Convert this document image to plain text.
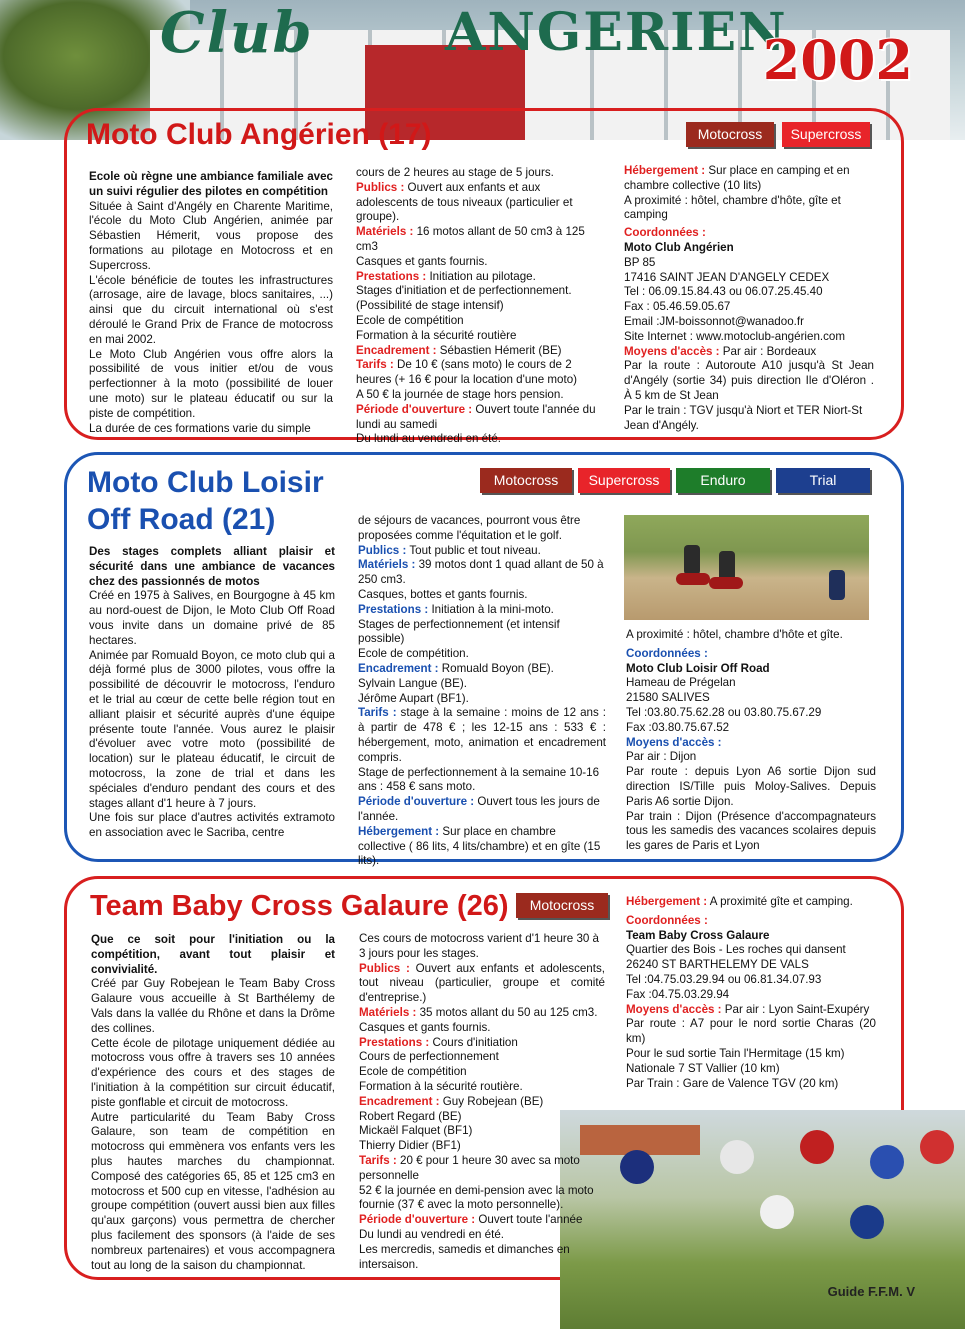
Club	ANGERIEN
2002
Moto Club Angérien (17)	Motocross	Supercross

Ecole où règne une ambiance familiale avec un suivi régulier des pilotes en compétition

Située à Saint d'Angély en Charente Maritime, l'école du Moto Club Angérien, animée par Sébastien Hémerit, vous propose des formations au pilotage en Motocross et en Supercross.

L'école bénéficie de toutes les infrastructures (arrosage, aire de lavage, blocs sanitaires, ...) ainsi que du circuit international où s'est déroulé le Grand Prix de France de motocross en mai 2002.

Le Moto Club Angérien vous offre alors la possibilité de vous initier et/ou de vous perfectionner à la moto (possibilité de louer une moto) sur le plateau éducatif ou sur la piste de compétition.

La durée de ces formations varie du simple

cours de 2 heures au stage de 5 jours.

Publics : Ouvert aux enfants et aux adolescents de tous niveaux (particulier et groupe).

Matériels : 16 motos allant de 50 cm3 à 125 cm3

Casques et gants fournis.

Prestations : Initiation au pilotage.

Stages d'initiation et de perfectionnement. (Possibilité de stage intensif)

Ecole de compétition

Formation à la sécurité routière

Encadrement : Sébastien Hémerit (BE)

Tarifs : De 10 € (sans moto) le cours de 2 heures (+ 16 € pour la location d'une moto)

A 50 € la journée de stage hors pension.

Période d'ouverture : Ouvert toute l'année du lundi au samedi

Du lundi au vendredi en été.

Hébergement : Sur place en camping et en chambre collective (10 lits)

A proximité : hôtel, chambre d'hôte, gîte et camping

Coordonnées :

Moto Club Angérien

BP 85

17416 SAINT JEAN D'ANGELY CEDEX

Tel : 06.09.15.84.43 ou 06.07.25.45.40

Fax : 05.46.59.05.67

Email :JM-boissonnot@wanadoo.fr

Site Internet : www.motoclub-angérien.com

Moyens d'accès : Par air : Bordeaux

Par la route : Autoroute A10 jusqu'à St Jean d'Angély (sortie 34) puis direction Ile d'Oléron . À 5 km de St Jean

Par le train : TGV jusqu'à Niort et TER Niort-St Jean d'Angély.

Moto Club Loisir
Off Road (21)
Motocross	Supercross	Enduro	Trial

Des stages complets alliant plaisir et sécurité dans une ambiance de vacances chez des passionnés de motos

Créé en 1975 à Salives, en Bourgogne à 45 km au nord-ouest de Dijon, le Moto Club Off Road vous invite dans un domaine privé de 85 hectares.

Animée par Romuald Boyon, ce moto club qui a déjà formé plus de 3000 pilotes, vous offre la possibilité de découvrir le motocross, l'enduro et le trial au cœur de cette belle région tout en alliant plaisir et sécurité auprès d'une équipe présente toute l'année. Vous aurez le plaisir d'évoluer avec votre moto (possibilité de location) sur le plateau éducatif, le circuit de motocross, la zone de trial et dans les spéciales d'enduro pendant des cours et des stages allant d'1 heure à 7 jours.

Une fois sur place d'autres activités extramoto en association avec le Sacriba, centre

de séjours de vacances, pourront vous être proposées comme l'équitation et le golf.

Publics : Tout public et tout niveau.

Matériels : 39 motos dont 1 quad allant de 50 à 250 cm3.

Casques, bottes et gants fournis.

Prestations : Initiation à la mini-moto.

Stages de perfectionnement (et intensif possible)

Ecole de compétition.

Encadrement : Romuald Boyon (BE).

Sylvain Langue (BE).

Jérôme Aupart (BF1).

Tarifs : stage à la semaine : moins de 12 ans : à partir de 478 € ; les 12-15 ans : 533 € : hébergement, moto, animation et encadrement compris.

Stage de perfectionnement à la semaine 10-16 ans : 458 € sans moto.

Période d'ouverture : Ouvert tous les jours de l'année.

Hébergement : Sur place en chambre collective ( 86 lits, 4 lits/chambre) et en gîte (15 lits).

A proximité : hôtel, chambre d'hôte et gîte.

Coordonnées :

Moto Club Loisir Off Road

Hameau de Prégelan

21580 SALIVES

Tel :03.80.75.62.28 ou 03.80.75.67.29

Fax :03.80.75.67.52

Moyens d'accès :

Par air : Dijon

Par route : depuis Lyon A6 sortie Dijon sud direction IS/Tille puis Moloy-Salives. Depuis Paris A6 sortie Dijon.

Par train : Dijon (Présence d'accompagnateurs tous les samedis des vacances scolaires depuis les gares de Paris et Lyon

Team Baby Cross Galaure (26)	Motocross

Que ce soit pour l'initiation ou la compétition, avant tout plaisir et convivialité.

Créé par Guy Robejean le Team Baby Cross Galaure vous accueille à St Barthélemy de Vals dans la vallée du Rhône et dans la Drôme des collines.

Cette école de pilotage uniquement dédiée au motocross vous offre à travers ses 10 années d'expérience des cours et des stages de l'initiation à la compétition sur circuit éducatif, piste gonflable et circuit de motocross.

Autre particularité du Team Baby Cross Galaure, son team de compétition en motocross qui emmènera vos enfants vers les plus hautes marches du championnat. Composé des catégories 65, 85 et 125 cm3 en motocross et 500 cup en vitesse, l'adhésion au groupe compétition (ouvert aussi bien aux filles qu'aux garçons) vous permettra de chercher plus facilement des sponsors (à l'aide de ses nombreux partenaires) et vous accompagnera tout au long de la saison du championnat.

Ces cours de motocross varient d'1 heure 30 à 3 jours pour les stages.

Publics : Ouvert aux enfants et adolescents, tout niveau (particulier, groupe et comité d'entreprise.)

Matériels : 35 motos allant du 50 au 125 cm3.

Casques et gants fournis.

Prestations : Cours d'initiation

Cours de perfectionnement

Ecole de compétition

Formation à la sécurité routière.

Encadrement : Guy Robejean (BE)

Robert Regard (BE)

Mickaël Falquet (BF1)

Thierry Didier (BF1)

Tarifs : 20 € pour 1 heure 30 avec sa moto personnelle

52 € la journée en demi-pension avec la moto fournie (37 € avec la moto personnelle).

Période d'ouverture : Ouvert toute l'année

Du lundi au vendredi en été.

Les mercredis, samedis et dimanches en intersaison.

Hébergement : A proximité gîte et camping.

Coordonnées :

Team Baby Cross Galaure

Quartier des Bois - Les roches qui dansent

26240 ST BARTHELEMY DE VALS

Tel :04.75.03.29.94 ou 06.81.34.07.93

Fax :04.75.03.29.94

Moyens d'accès : Par air : Lyon Saint-Exupéry

Par route : A7 pour le nord sortie Charas (20 km)

Pour le sud sortie Tain l'Hermitage (15 km)

Nationale 7 ST Vallier (10 km)

Par Train : Gare de Valence TGV (20 km)

Guide F.F.M. V
